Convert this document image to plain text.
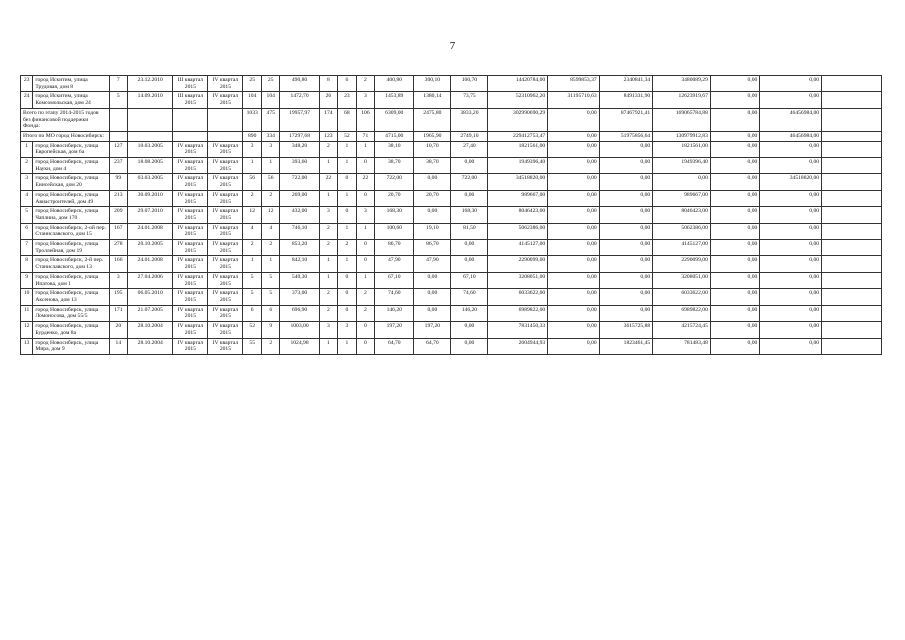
7
23	город Искитим, улица Трудовая, дом 8	7	23.12.2010	III квартал 2015	IV квартал 2015	25	25	490,80	8	6	2	400,80	300,10	100,70	14420784,00	8599853,37	2340841,34	3480089,29	0,00	0,00	
24	город Искитим, улица Комсомольская, дом 24	5	14.09.2010	III квартал 2015	IV квартал 2015	104	104	1472,70	26	23	3	1453,89	1380,14	73,75	52310962,20	31195710,63	8491331,90	12623919,67	0,00	0,00	
Всего по этапу 2014-2015 годов без финансовой поддержки Фонда:						1033	475	19957,97	174	68	106	6309,00	2475,80	3833,20	302990690,29	0,00	87467921,41	169065784,88	0,00	46456984,00	
Итого по МО город Новосибирск:						890	334	17297,68	123	52	71	4715,00	1965,90	2749,10	229412753,47	0,00	51975856,64	130979912,83	0,00	46456984,00	
1	город Новосибирск, улица Европейская, дом 6а	127	10.03.2005	IV квартал 2015	IV квартал 2015	3	3	348,20	2	1	1	38,10	10,70	27,40	1821561,00	0,00	0,00	1821561,00	0,00	0,00	
2	город Новосибирск, улица Науки, дом 4	237	18.08.2005	IV квартал 2015	IV квартал 2015	1	1	393,60	1	1	0	38,70	38,70	0,00	1949396,40	0,00	0,00	1949396,40	0,00	0,00	
3	город Новосибирск, улица Енисейская, дом 20	99	03.03.2005	IV квартал 2015	IV квартал 2015	56	56	722,00	22	0	22	722,00	0,00	722,00	34518820,00	0,00	0,00	0,00	0,00	34518820,00	
4	город Новосибирск, улица Авиастроителей, дом 49	213	30.09.2010	IV квартал 2015	IV квартал 2015	2	2	269,00	1	1	0	20,70	20,70	0,00	989667,00	0,00	0,00	989667,00	0,00	0,00	
5	город Новосибирск, улица Чаплина, дом 170	209	29.07.2010	IV квартал 2015	IV квартал 2015	12	12	432,00	3	0	3	168,30	0,00	168,30	8046423,00	0,00	0,00	8046423,00	0,00	0,00	
6	город Новосибирск, 2-ой пер. Станиславского, дом 15	167	24.01.2008	IV квартал 2015	IV квартал 2015	4	4	746,10	2	1	1	100,60	19,10	81,50	5062386,00	0,00	0,00	5062386,00	0,00	0,00	
7	город Новосибирск, улица Троллейная, дом 19	278	20.10.2005	IV квартал 2015	IV квартал 2015	2	2	853,20	2	2	0	86,70	86,70	0,00	4145127,00	0,00	0,00	4145127,00	0,00	0,00	
8	город Новосибирск, 2-й пер. Станиславского, дом 13	166	24.01.2008	IV квартал 2015	IV квартал 2015	1	1	842,10	1	1	0	47,90	47,90	0,00	2290099,00	0,00	0,00	2290099,00	0,00	0,00	
9	город Новосибирск, улица Ипатова, дом 1	3	27.04.2006	IV квартал 2015	IV квартал 2015	5	5	540,30	1	0	1	67,10	0,00	67,10	3208051,00	0,00	0,00	3208051,00	0,00	0,00	
10	город Новосибирск, улица Аксенова, дом 13	195	06.05.2010	IV квартал 2015	IV квартал 2015	5	5	373,00	2	0	2	74,60	0,00	74,60	6033622,00	0,00	0,00	6033622,00	0,00	0,00	
11	город Новосибирск, улица Ломоносова, дом 55/5	171	21.07.2005	IV квартал 2015	IV квартал 2015	6	6	696,90	2	0	2	146,20	0,00	146,20	6989822,00	0,00	0,00	6989822,00	0,00	0,00	
12	город Новосибирск, улица Бурденко, дом 8а	20	28.10.2004	IV квартал 2015	IV квартал 2015	52	9	1003,00	3	3	0	197,20	197,20	0,00	7831450,33	0,00	3615725,88	4215724,45	0,00	0,00	
13	город Новосибирск, улица Мира, дом 9	14	28.10.2004	IV квартал 2015	IV квартал 2015	55	2	1024,98	1	1	0	64,70	64,70	0,00	2604944,93	0,00	1823461,45	781483,48	0,00	0,00	
